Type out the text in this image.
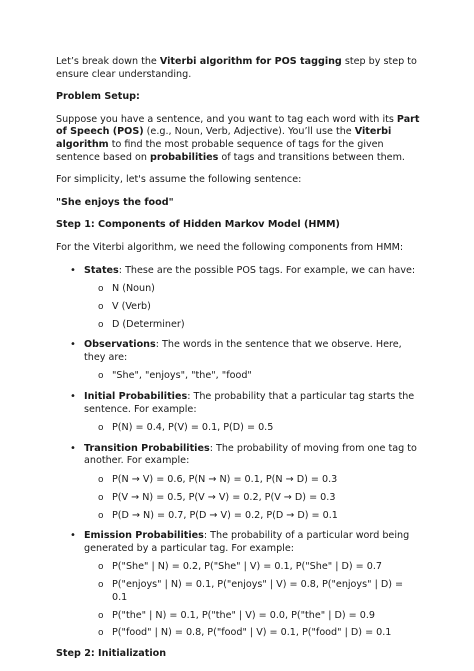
Let’s break down the Viterbi algorithm for POS tagging step by step to ensure clear understanding.

Problem Setup:

Suppose you have a sentence, and you want to tag each word with its Part of Speech (POS) (e.g., Noun, Verb, Adjective). You’ll use the Viterbi algorithm to find the most probable sequence of tags for the given sentence based on probabilities of tags and transitions between them.

For simplicity, let's assume the following sentence:

"She enjoys the food"

Step 1: Components of Hidden Markov Model (HMM)

For the Viterbi algorithm, we need the following components from HMM:

• States: These are the possible POS tags. For example, we can have:

o N (Noun)
o V (Verb)
o D (Determiner)
• Observations: The words in the sentence that we observe. Here, they are:

o "She", "enjoys", "the", "food"
• Initial Probabilities: The probability that a particular tag starts the sentence. For example:

o P(N) = 0.4, P(V) = 0.1, P(D) = 0.5
• Transition Probabilities: The probability of moving from one tag to another. For example:

o P(N → V) = 0.6, P(N → N) = 0.1, P(N → D) = 0.3
o P(V → N) = 0.5, P(V → V) = 0.2, P(V → D) = 0.3
o P(D → N) = 0.7, P(D → V) = 0.2, P(D → D) = 0.1
• Emission Probabilities: The probability of a particular word being generated by a particular tag. For example:

o P("She" | N) = 0.2, P("She" | V) = 0.1, P("She" | D) = 0.7
o P("enjoys" | N) = 0.1, P("enjoys" | V) = 0.8, P("enjoys" | D) = 0.1
o P("the" | N) = 0.1, P("the" | V) = 0.0, P("the" | D) = 0.9
o P("food" | N) = 0.8, P("food" | V) = 0.1, P("food" | D) = 0.1

Step 2: Initialization
